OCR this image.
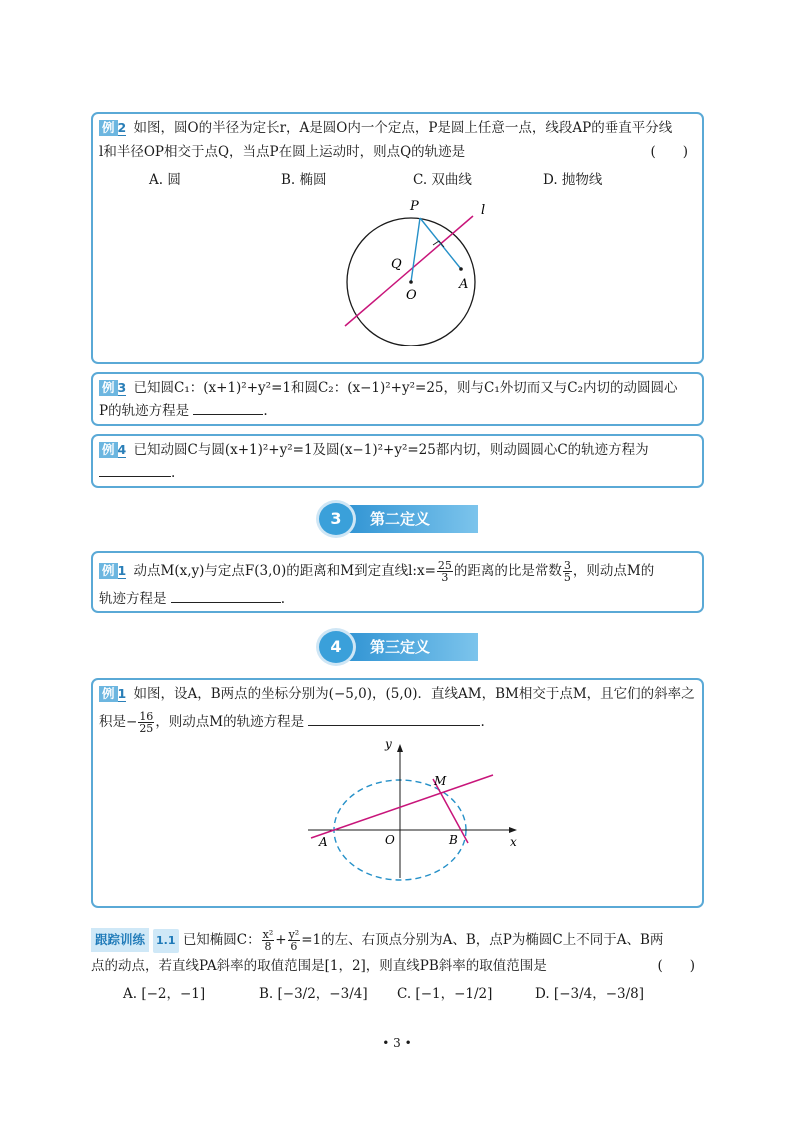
例 2 如图，圆O的半径为定长r，A是圆O内一个定点，P是圆上任意一点，线段AP的垂直平分线
l和半径OP相交于点Q，当点P在圆上运动时，则点Q的轨迹是	(　　)
A. 圆	B. 椭圆	C. 双曲线	D. 抛物线
P	l
Q
O
A
例 3 已知圆C₁：(x+1)²+y²=1和圆C₂：(x−1)²+y²=25，则与C₁外切而又与C₂内切的动圆圆心
P的轨迹方程是	.
例 4 已知动圆C与圆(x+1)²+y²=1及圆(x−1)²+y²=25都内切，则动圆圆心C的轨迹方程为
.
3	第二定义
例 1 动点M(x,y)与定点F(3,0)的距离和M到定直线l:x= $\frac{25}{3}$ 的距离的比是常数 $\frac{3}{5}$ ，则动点M的
轨迹方程是	.
4	第三定义
例 1 如图，设A，B两点的坐标分别为(−5,0)，(5,0)．直线AM，BM相交于点M，且它们的斜率之
积是− $\frac{16}{25}$ ，则动点M的轨迹方程是	.
y
x
M
A	O	B
跟踪训练 1.1 已知椭圆C： $\frac{\text{x²}}{8} + \frac{\text{y²}}{6} =1$的左、右顶点分别为A、B，点P为椭圆C上不同于A、B两
点的动点，若直线PA斜率的取值范围是[1，2]，则直线PB斜率的取值范围是	(　　)
A. [−2，−1]	B. [−3/2，−3/4]	C. [−1，−1/2]	D. [−3/4，−3/8]
• 3 •
